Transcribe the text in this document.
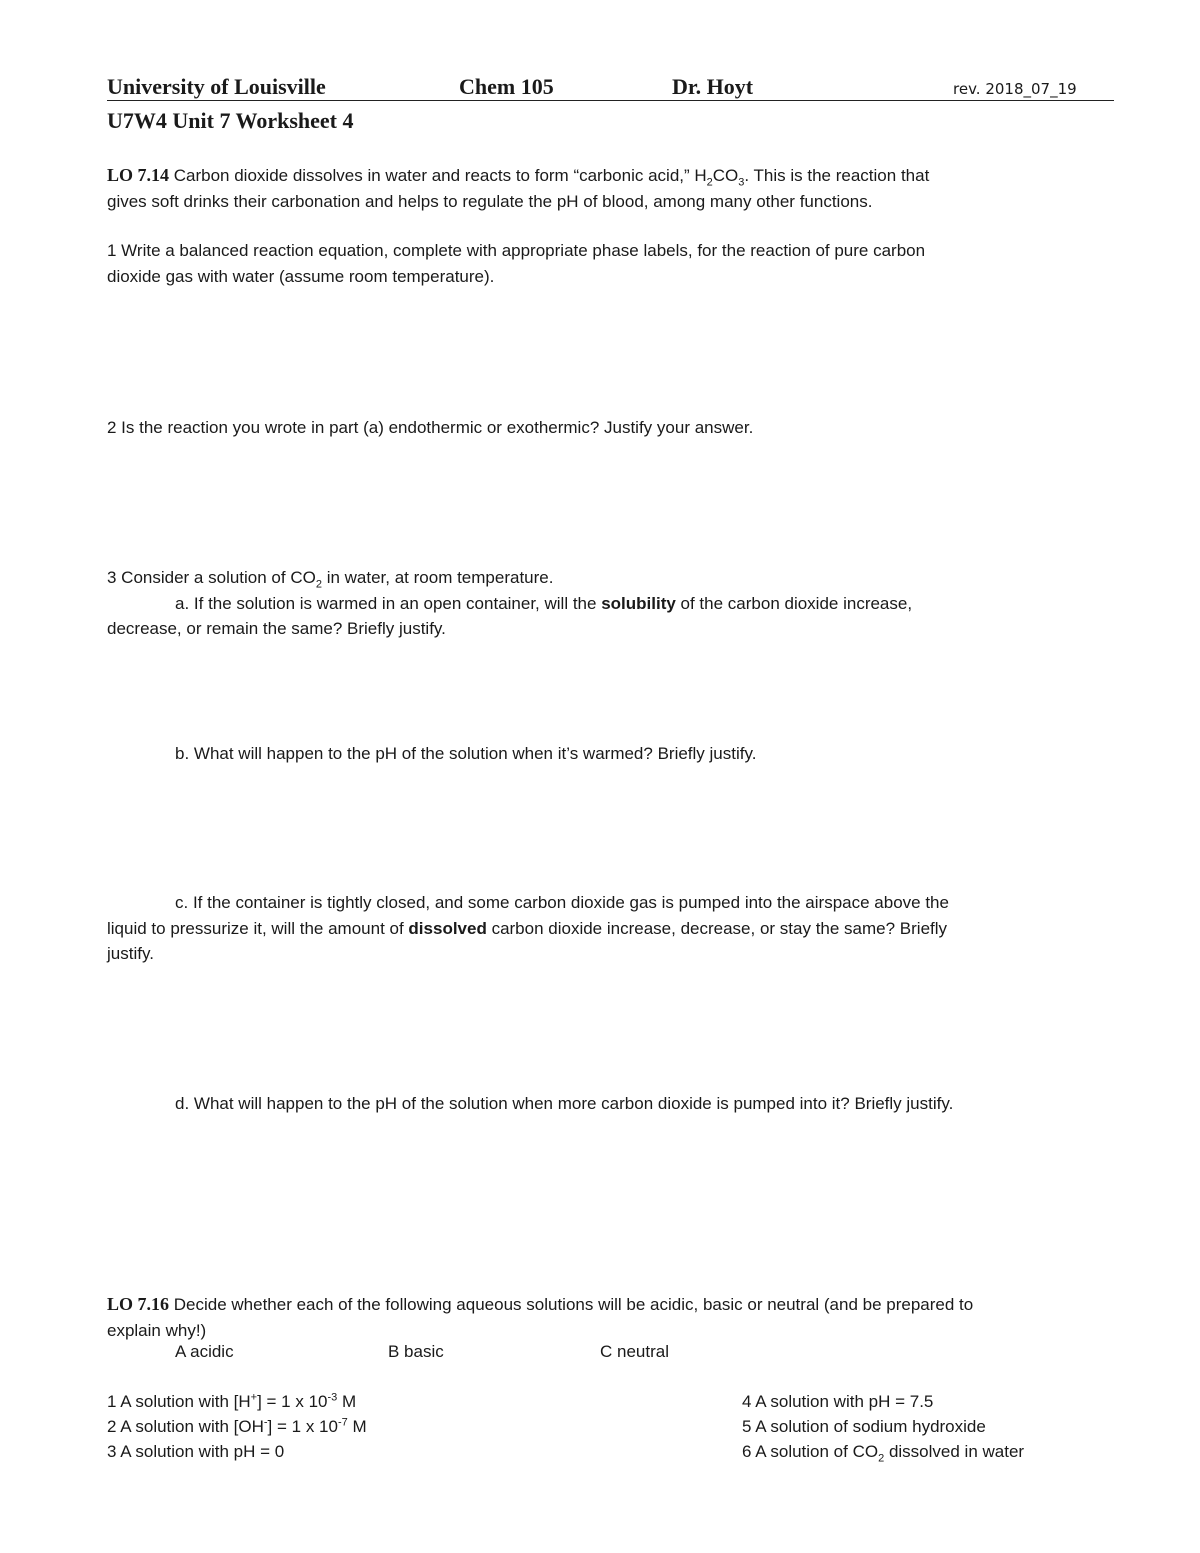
University of Louisville	Chem 105	Dr. Hoyt	rev. 2018_07_19
U7W4 Unit 7 Worksheet 4
LO 7.14 Carbon dioxide dissolves in water and reacts to form “carbonic acid,” $H_2CO_3$. This is the reaction that
gives soft drinks their carbonation and helps to regulate the pH of blood, among many other functions.
1 Write a balanced reaction equation, complete with appropriate phase labels, for the reaction of pure carbon
dioxide gas with water (assume room temperature).
2 Is the reaction you wrote in part (a) endothermic or exothermic? Justify your answer.
3 Consider a solution of $CO_2$ in water, at room temperature.
a. If the solution is warmed in an open container, will the solubility of the carbon dioxide increase,
decrease, or remain the same? Briefly justify.
b. What will happen to the pH of the solution when it’s warmed? Briefly justify.
c. If the container is tightly closed, and some carbon dioxide gas is pumped into the airspace above the
liquid to pressurize it, will the amount of dissolved carbon dioxide increase, decrease, or stay the same? Briefly
justify.
d. What will happen to the pH of the solution when more carbon dioxide is pumped into it? Briefly justify.
LO 7.16 Decide whether each of the following aqueous solutions will be acidic, basic or neutral (and be prepared to
explain why!)
A acidic	B basic	C neutral
1 A solution with [H+] = 1 x $10^{-3}$ M
2 A solution with [OH-] = 1 x $10^{-7}$ M
3 A solution with pH = 0
4 A solution with pH = 7.5
5 A solution of sodium hydroxide
6 A solution of $CO_2$ dissolved in water
